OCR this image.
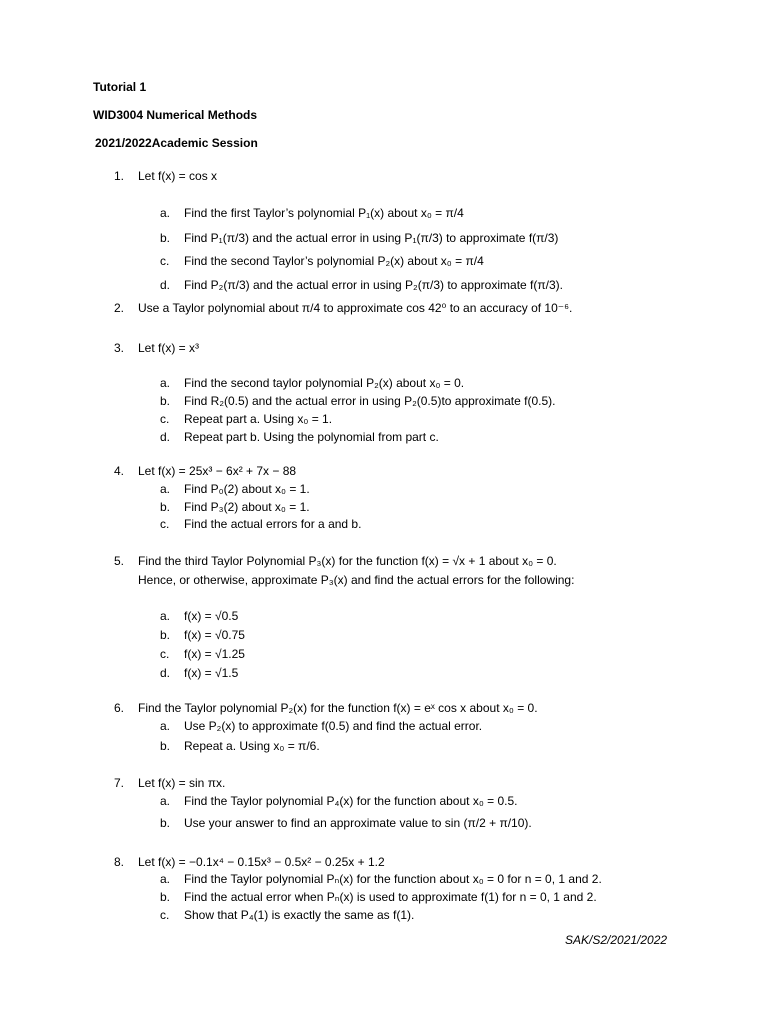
Tutorial 1
WID3004 Numerical Methods
2021/2022Academic Session
1. Let f(x) = cos x
a. Find the first Taylor’s polynomial P₁(x) about x₀ = π/4
b. Find P₁(π/3) and the actual error in using P₁(π/3) to approximate f(π/3)
c. Find the second Taylor’s polynomial P₂(x) about x₀ = π/4
d. Find P₂(π/3) and the actual error in using P₂(π/3) to approximate f(π/3).
2. Use a Taylor polynomial about π/4 to approximate cos 42⁰ to an accuracy of 10⁻⁶.
3. Let f(x) = x³
a. Find the second taylor polynomial P₂(x) about x₀ = 0.
b. Find R₂(0.5) and the actual error in using P₂(0.5)to approximate f(0.5).
c. Repeat part a. Using x₀ = 1.
d. Repeat part b. Using the polynomial from part c.
4. Let f(x) = 25x³ − 6x² + 7x − 88
a. Find P₀(2) about x₀ = 1.
b. Find P₃(2) about x₀ = 1.
c. Find the actual errors for a and b.
5. Find the third Taylor Polynomial P₃(x) for the function f(x) = √x + 1 about x₀ = 0.
Hence, or otherwise, approximate P₃(x) and find the actual errors for the following:
a. f(x) = √0.5
b. f(x) = √0.75
c. f(x) = √1.25
d. f(x) = √1.5
6. Find the Taylor polynomial P₂(x) for the function f(x) = eˣ cos x about x₀ = 0.
a. Use P₂(x) to approximate f(0.5) and find the actual error.
b. Repeat a. Using x₀ = π/6.
7. Let f(x) = sin πx.
a. Find the Taylor polynomial P₄(x) for the function about x₀ = 0.5.
b. Use your answer to find an approximate value to sin (π/2 + π/10).
8. Let f(x) = −0.1x⁴ − 0.15x³ − 0.5x² − 0.25x + 1.2
a. Find the Taylor polynomial Pₙ(x) for the function about x₀ = 0 for n = 0, 1 and 2.
b. Find the actual error when Pₙ(x) is used to approximate f(1) for n = 0, 1 and 2.
c. Show that P₄(1) is exactly the same as f(1).
SAK/S2/2021/2022
